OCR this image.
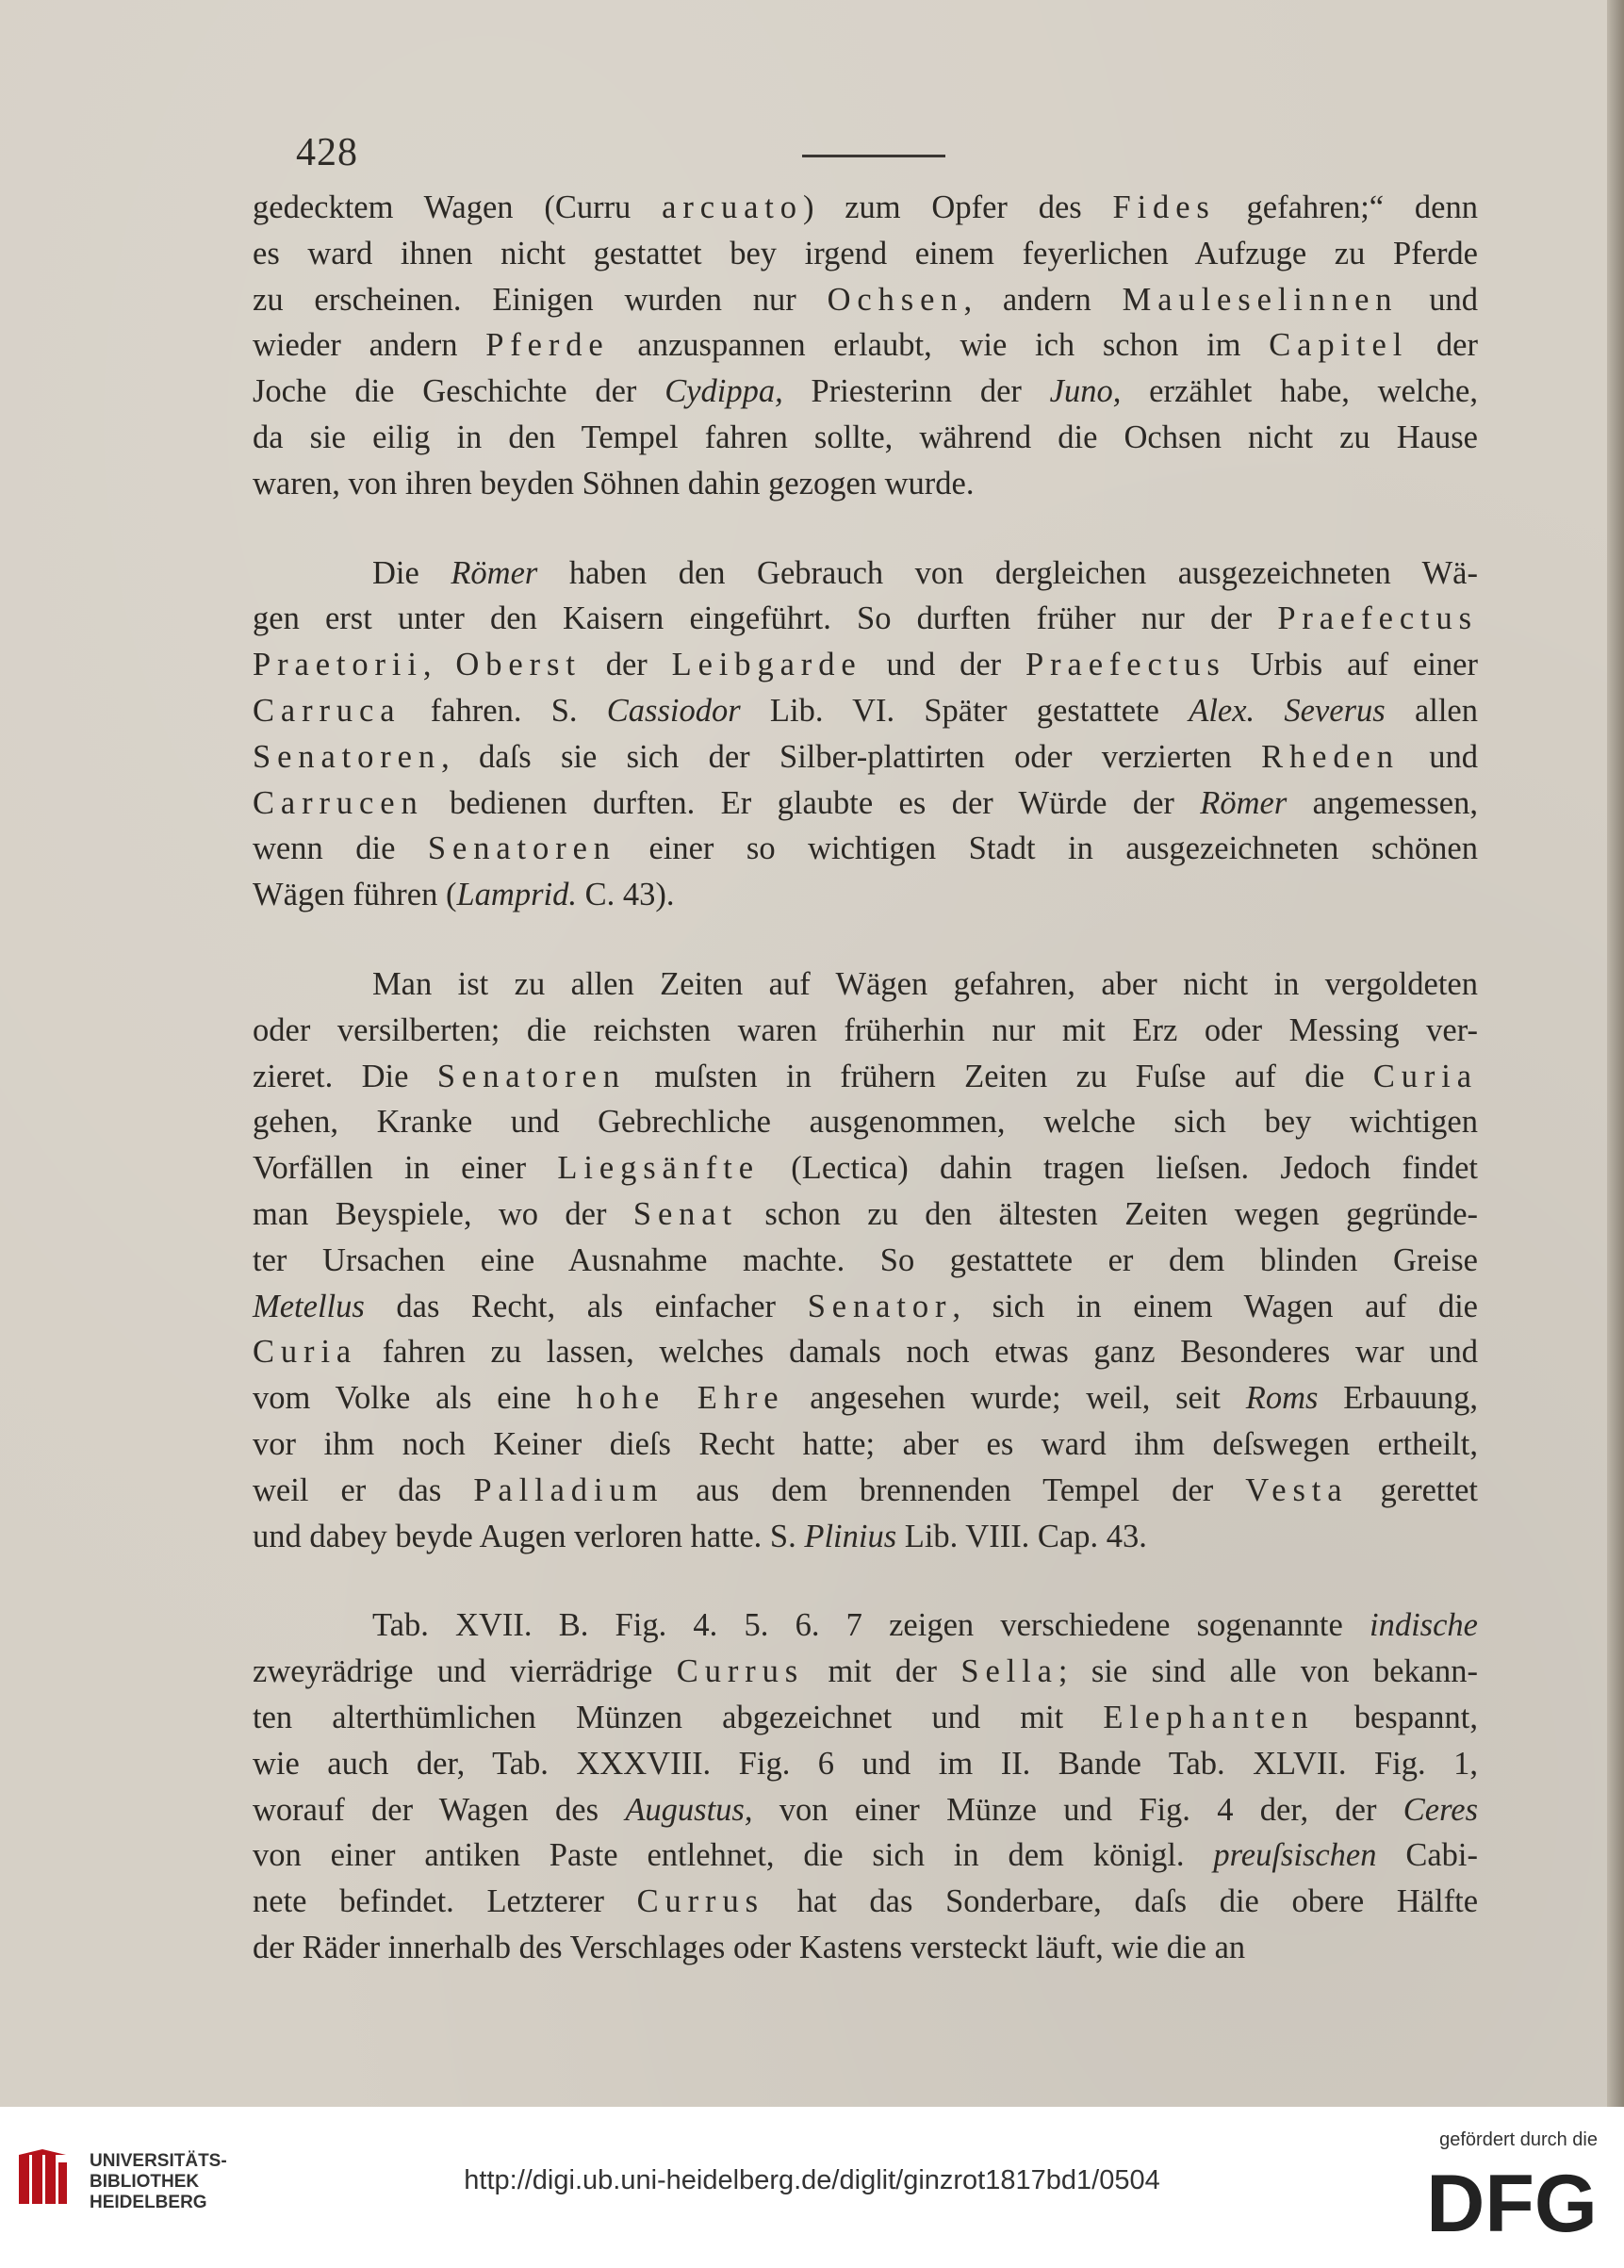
428
gedecktem Wagen (Curru arcuato) zum Opfer des Fides gefahren;“ denn
es ward ihnen nicht gestattet bey irgend einem feyerlichen Aufzuge zu Pferde
zu erscheinen. Einigen wurden nur Ochsen, andern Mauleselinnen und
wieder andern Pferde anzuspannen erlaubt, wie ich schon im Capitel der
Joche die Geschichte der Cydippa, Priesterinn der Juno, erzählet habe, welche,
da sie eilig in den Tempel fahren sollte, während die Ochsen nicht zu Hause
waren, von ihren beyden Söhnen dahin gezogen wurde.
Die Römer haben den Gebrauch von dergleichen ausgezeichneten Wä-
gen erst unter den Kaisern eingeführt. So durften früher nur der Praefectus
Praetorii, Oberst der Leibgarde und der Praefectus Urbis auf einer
Carruca fahren. S. Cassiodor Lib. VI. Später gestattete Alex. Severus allen
Senatoren, daſs sie sich der Silber-plattirten oder verzierten Rheden und
Carrucen bedienen durften. Er glaubte es der Würde der Römer angemessen,
wenn die Senatoren einer so wichtigen Stadt in ausgezeichneten schönen
Wägen führen (Lamprid. C. 43).
Man ist zu allen Zeiten auf Wägen gefahren, aber nicht in vergoldeten
oder versilberten; die reichsten waren früherhin nur mit Erz oder Messing ver-
zieret. Die Senatoren muſsten in frühern Zeiten zu Fuſse auf die Curia
gehen, Kranke und Gebrechliche ausgenommen, welche sich bey wichtigen
Vorfällen in einer Liegsänfte (Lectica) dahin tragen lieſsen. Jedoch findet
man Beyspiele, wo der Senat schon zu den ältesten Zeiten wegen gegründe-
ter Ursachen eine Ausnahme machte. So gestattete er dem blinden Greise
Metellus das Recht, als einfacher Senator, sich in einem Wagen auf die
Curia fahren zu lassen, welches damals noch etwas ganz Besonderes war und
vom Volke als eine hohe Ehre angesehen wurde; weil, seit Roms Erbauung,
vor ihm noch Keiner dieſs Recht hatte; aber es ward ihm deſswegen ertheilt,
weil er das Palladium aus dem brennenden Tempel der Vesta gerettet
und dabey beyde Augen verloren hatte. S. Plinius Lib. VIII. Cap. 43.
Tab. XVII. B. Fig. 4. 5. 6. 7 zeigen verschiedene sogenannte indische
zweyrädrige und vierrädrige Currus mit der Sella; sie sind alle von bekann-
ten alterthümlichen Münzen abgezeichnet und mit Elephanten bespannt,
wie auch der, Tab. XXXVIII. Fig. 6 und im II. Bande Tab. XLVII. Fig. 1,
worauf der Wagen des Augustus, von einer Münze und Fig. 4 der, der Ceres
von einer antiken Paste entlehnet, die sich in dem königl. preuſsischen Cabi-
nete befindet. Letzterer Currus hat das Sonderbare, daſs die obere Hälfte
der Räder innerhalb des Verschlages oder Kastens versteckt läuft, wie die an
UNIVERSITÄTS-
BIBLIOTHEK
HEIDELBERG
http://digi.ub.uni-heidelberg.de/diglit/ginzrot1817bd1/0504
gefördert durch die
DFG
